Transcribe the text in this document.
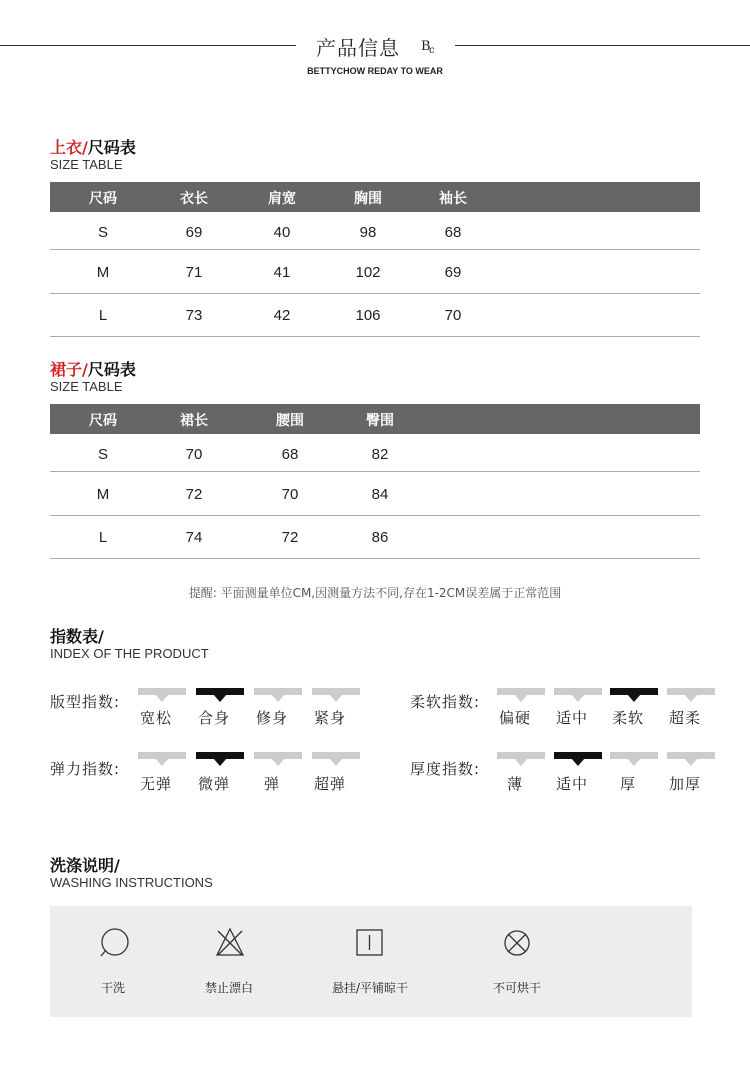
产品信息 B
c
BETTYCHOW REDAY TO WEAR
上衣/尺码表
SIZE TABLE
尺码	衣长	肩宽	胸围	袖长
S	69	40	98	68
M	71	41	102	69
L	73	42	106	70
裙子/尺码表
SIZE TABLE
尺码	裙长	腰围	臀围
S	70	68	82
M	72	70	84
L	74	72	86
提醒: 平面测量单位CM,因测量方法不同,存在1-2CM误差属于正常范围
指数表/
INDEX OF THE PRODUCT
版型指数:
宽松	合身	修身	紧身
柔软指数:
偏硬	适中	柔软	超柔
弹力指数:
无弹	微弹	弹	超弹
厚度指数:
薄	适中	厚	加厚
洗涤说明/
WASHING INSTRUCTIONS
干洗	禁止漂白	悬挂/平铺晾干	不可烘干
